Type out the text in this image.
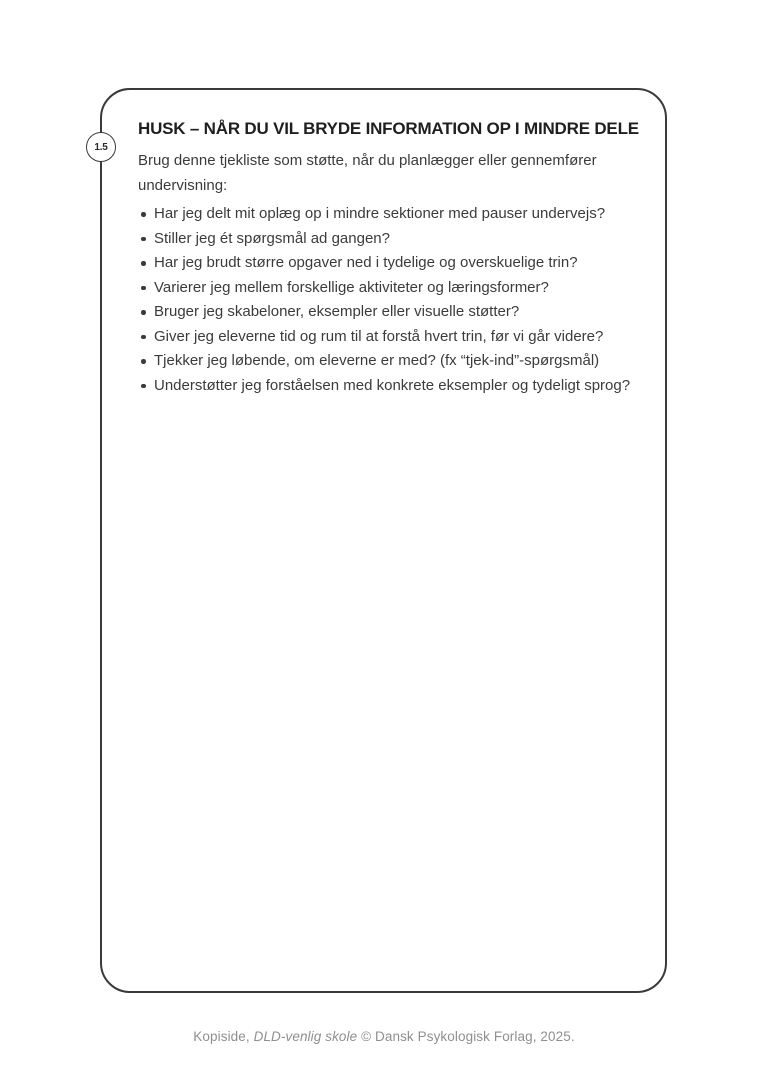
1.5
HUSK – NÅR DU VIL BRYDE INFORMATION OP I MINDRE DELE

Brug denne tjekliste som støtte, når du planlægger eller gennemfører undervisning:

Har jeg delt mit oplæg op i mindre sektioner med pauser undervejs?
Stiller jeg ét spørgsmål ad gangen?
Har jeg brudt større opgaver ned i tydelige og overskuelige trin?
Varierer jeg mellem forskellige aktiviteter og læringsformer?
Bruger jeg skabeloner, eksempler eller visuelle støtter?
Giver jeg eleverne tid og rum til at forstå hvert trin, før vi går videre?
Tjekker jeg løbende, om eleverne er med? (fx “tjek-ind”-spørgsmål)
Understøtter jeg forståelsen med konkrete eksempler og tydeligt sprog?
Kopiside, DLD-venlig skole © Dansk Psykologisk Forlag, 2025.
